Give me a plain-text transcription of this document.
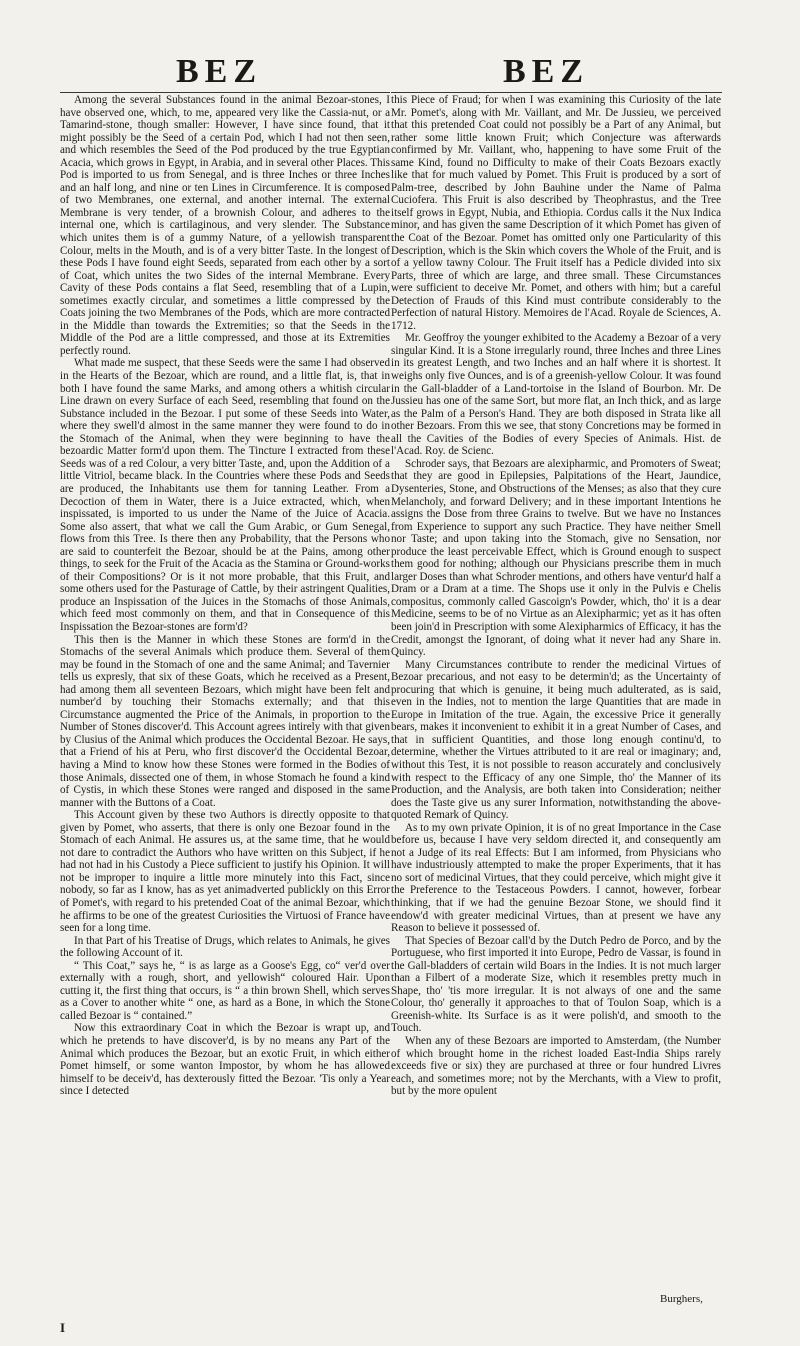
BEZ	BEZ

Among the several Substances found in the animal Bezoar-stones, I have observed one, which, to me, appeared very like the Cassia-nut, or a Tamarind-stone, though smaller: However, I have since found, that it might possibly be the Seed of a certain Pod, which I had not then seen, and which resembles the Seed of the Pod produced by the true Egyptian Acacia, which grows in Egypt, in Arabia, and in several other Places. This Pod is imported to us from Senegal, and is three Inches or three Inches and an half long, and nine or ten Lines in Circumference. It is composed of two Membranes, one external, and another internal. The external Membrane is very tender, of a brownish Colour, and adheres to the internal one, which is cartilaginous, and very slender. The Substance which unites them is of a gummy Nature, of a yellowish transparent Colour, melts in the Mouth, and is of a very bitter Taste. In the longest of these Pods I have found eight Seeds, separated from each other by a sort of Coat, which unites the two Sides of the internal Membrane. Every Cavity of these Pods contains a flat Seed, resembling that of a Lupin, sometimes exactly circular, and sometimes a little compressed by the Coats joining the two Membranes of the Pods, which are more contracted in the Middle than towards the Extremities; so that the Seeds in the Middle of the Pod are a little compressed, and those at its Extremities perfectly round.

What made me suspect, that these Seeds were the same I had observed in the Hearts of the Bezoar, which are round, and a little flat, is, that in both I have found the same Marks, and among others a whitish circular Line drawn on every Surface of each Seed, resembling that found on the Substance included in the Bezoar. I put some of these Seeds into Water, where they swell'd almost in the same manner they were found to do in the Stomach of the Animal, when they were beginning to have the bezoardic Matter form'd upon them. The Tincture I extracted from these Seeds was of a red Colour, a very bitter Taste, and, upon the Addition of a little Vitriol, became black. In the Countries where these Pods and Seeds are produced, the Inhabitants use them for tanning Leather. From a Decoction of them in Water, there is a Juice extracted, which, when inspissated, is imported to us under the Name of the Juice of Acacia. Some also assert, that what we call the Gum Arabic, or Gum Senegal, flows from this Tree. Is there then any Probability, that the Persons who are said to counterfeit the Bezoar, should be at the Pains, among other things, to seek for the Fruit of the Acacia as the Stamina or Ground-works of their Compositions? Or is it not more probable, that this Fruit, and some others used for the Pasturage of Cattle, by their astringent Qualities, produce an Inspissation of the Juices in the Stomachs of those Animals, which feed most commonly on them, and that in Consequence of this Inspissation the Bezoar-stones are form'd?

This then is the Manner in which these Stones are form'd in the Stomachs of the several Animals which produce them. Several of them may be found in the Stomach of one and the same Animal; and Tavernier tells us expresly, that six of these Goats, which he received as a Present, had among them all seventeen Bezoars, which might have been felt and number'd by touching their Stomachs externally; and that this Circumstance augmented the Price of the Animals, in proportion to the Number of Stones discover'd. This Account agrees intirely with that given by Clusius of the Animal which produces the Occidental Bezoar. He says, that a Friend of his at Peru, who first discover'd the Occidental Bezoar, having a Mind to know how these Stones were formed in the Bodies of those Animals, dissected one of them, in whose Stomach he found a kind of Cystis, in which these Stones were ranged and disposed in the same manner with the Buttons of a Coat.

This Account given by these two Authors is directly opposite to that given by Pomet, who asserts, that there is only one Bezoar found in the Stomach of each Animal. He assures us, at the same time, that he would not dare to contradict the Authors who have written on this Subject, if he had not had in his Custody a Piece sufficient to justify his Opinion. It will not be improper to inquire a little more minutely into this Fact, since nobody, so far as I know, has as yet animadverted publickly on this Error of Pomet's, with regard to his pretended Coat of the animal Bezoar, which he affirms to be one of the greatest Curiosities the Virtuosi of France have seen for a long time.

In that Part of his Treatise of Drugs, which relates to Animals, he gives the following Account of it.

“ This Coat,” says he, “ is as large as a Goose's Egg, co“ ver'd over externally with a rough, short, and yellowish“ coloured Hair. Upon cutting it, the first thing that occurs, is “ a thin brown Shell, which serves as a Cover to another white “ one, as hard as a Bone, in which the Stone called Bezoar is “ contained.”

Now this extraordinary Coat in which the Bezoar is wrapt up, and which he pretends to have discover'd, is by no means any Part of the Animal which produces the Bezoar, but an exotic Fruit, in which either Pomet himself, or some wanton Impostor, by whom he has allowed himself to be deceiv'd, has dexterously fitted the Bezoar. 'Tis only a Year since I detected

this Piece of Fraud; for when I was examining this Curiosity of the late Mr. Pomet's, along with Mr. Vaillant, and Mr. De Jussieu, we perceived that this pretended Coat could not possibly be a Part of any Animal, but rather some little known Fruit; which Conjecture was afterwards confirmed by Mr. Vaillant, who, happening to have some Fruit of the same Kind, found no Difficulty to make of their Coats Bezoars exactly like that for much valued by Pomet. This Fruit is produced by a sort of Palm-tree, described by John Bauhine under the Name of Palma Cuciofera. This Fruit is also described by Theophrastus, and the Tree itself grows in Egypt, Nubia, and Ethiopia. Cordus calls it the Nux Indica minor, and has given the same Description of it which Pomet has given of the Coat of the Bezoar. Pomet has omitted only one Particularity of this Description, which is the Skin which covers the Whole of the Fruit, and is of a yellow tawny Colour. The Fruit itself has a Pedicle divided into six Parts, three of which are large, and three small. These Circumstances were sufficient to deceive Mr. Pomet, and others with him; but a careful Detection of Frauds of this Kind must contribute considerably to the Perfection of natural History. Memoires de l'Acad. Royale de Sciences, A. 1712.

Mr. Geoffroy the younger exhibited to the Academy a Bezoar of a very singular Kind. It is a Stone irregularly round, three Inches and three Lines in its greatest Length, and two Inches and an half where it is shortest. It weighs only five Ounces, and is of a greenish-yellow Colour. It was found in the Gall-bladder of a Land-tortoise in the Island of Bourbon. Mr. De Jussieu has one of the same Sort, but more flat, an Inch thick, and as large as the Palm of a Person's Hand. They are both disposed in Strata like all other Bezoars. From this we see, that stony Concretions may be formed in all the Cavities of the Bodies of every Species of Animals. Hist. de l'Acad. Roy. de Scienc.

Schroder says, that Bezoars are alexipharmic, and Promoters of Sweat; that they are good in Epilepsies, Palpitations of the Heart, Jaundice, Dysenteries, Stone, and Obstructions of the Menses; as also that they cure Melancholy, and forward Delivery; and in these important Intentions he assigns the Dose from three Grains to twelve. But we have no Instances from Experience to support any such Practice. They have neither Smell nor Taste; and upon taking into the Stomach, give no Sensation, nor produce the least perceivable Effect, which is Ground enough to suspect them good for nothing; although our Physicians prescribe them in much larger Doses than what Schroder mentions, and others have ventur'd half a Dram or a Dram at a time. The Shops use it only in the Pulvis e Chelis compositus, commonly called Gascoign's Powder, which, tho' it is a dear Medicine, seems to be of no Virtue as an Alexipharmic; yet as it has often been join'd in Prescription with some Alexipharmics of Efficacy, it has the Credit, amongst the Ignorant, of doing what it never had any Share in. Quincy.

Many Circumstances contribute to render the medicinal Virtues of Bezoar precarious, and not easy to be determin'd; as the Uncertainty of procuring that which is genuine, it being much adulterated, as is said, even in the Indies, not to mention the large Quantities that are made in Europe in Imitation of the true. Again, the excessive Price it generally bears, makes it inconvenient to exhibit it in a great Number of Cases, and that in sufficient Quantities, and those long enough continu'd, to determine, whether the Virtues attributed to it are real or imaginary; and, without this Test, it is not possible to reason accurately and conclusively with respect to the Efficacy of any one Simple, tho' the Manner of its Production, and the Analysis, are both taken into Consideration; neither does the Taste give us any surer Information, notwithstanding the above-quoted Remark of Quincy.

As to my own private Opinion, it is of no great Importance in the Case before us, because I have very seldom directed it, and consequently am not a Judge of its real Effects: But I am informed, from Physicians who have industriously attempted to make the proper Experiments, that it has no sort of medicinal Virtues, that they could perceive, which might give it the Preference to the Testaceous Powders. I cannot, however, forbear thinking, that if we had the genuine Bezoar Stone, we should find it endow'd with greater medicinal Virtues, than at present we have any Reason to believe it possessed of.

That Species of Bezoar call'd by the Dutch Pedro de Porco, and by the Portuguese, who first imported it into Europe, Pedro de Vassar, is found in the Gall-bladders of certain wild Boars in the Indies. It is not much larger than a Filbert of a moderate Size, which it resembles pretty much in Shape, tho' 'tis more irregular. It is not always of one and the same Colour, tho' generally it approaches to that of Toulon Soap, which is a Greenish-white. Its Surface is as it were polish'd, and smooth to the Touch.

When any of these Bezoars are imported to Amsterdam, (the Number of which brought home in the richest loaded East-India Ships rarely exceeds five or six) they are purchased at three or four hundred Livres each, and sometimes more; not by the Merchants, with a View to profit, but by the more opulent

Burghers,
I
